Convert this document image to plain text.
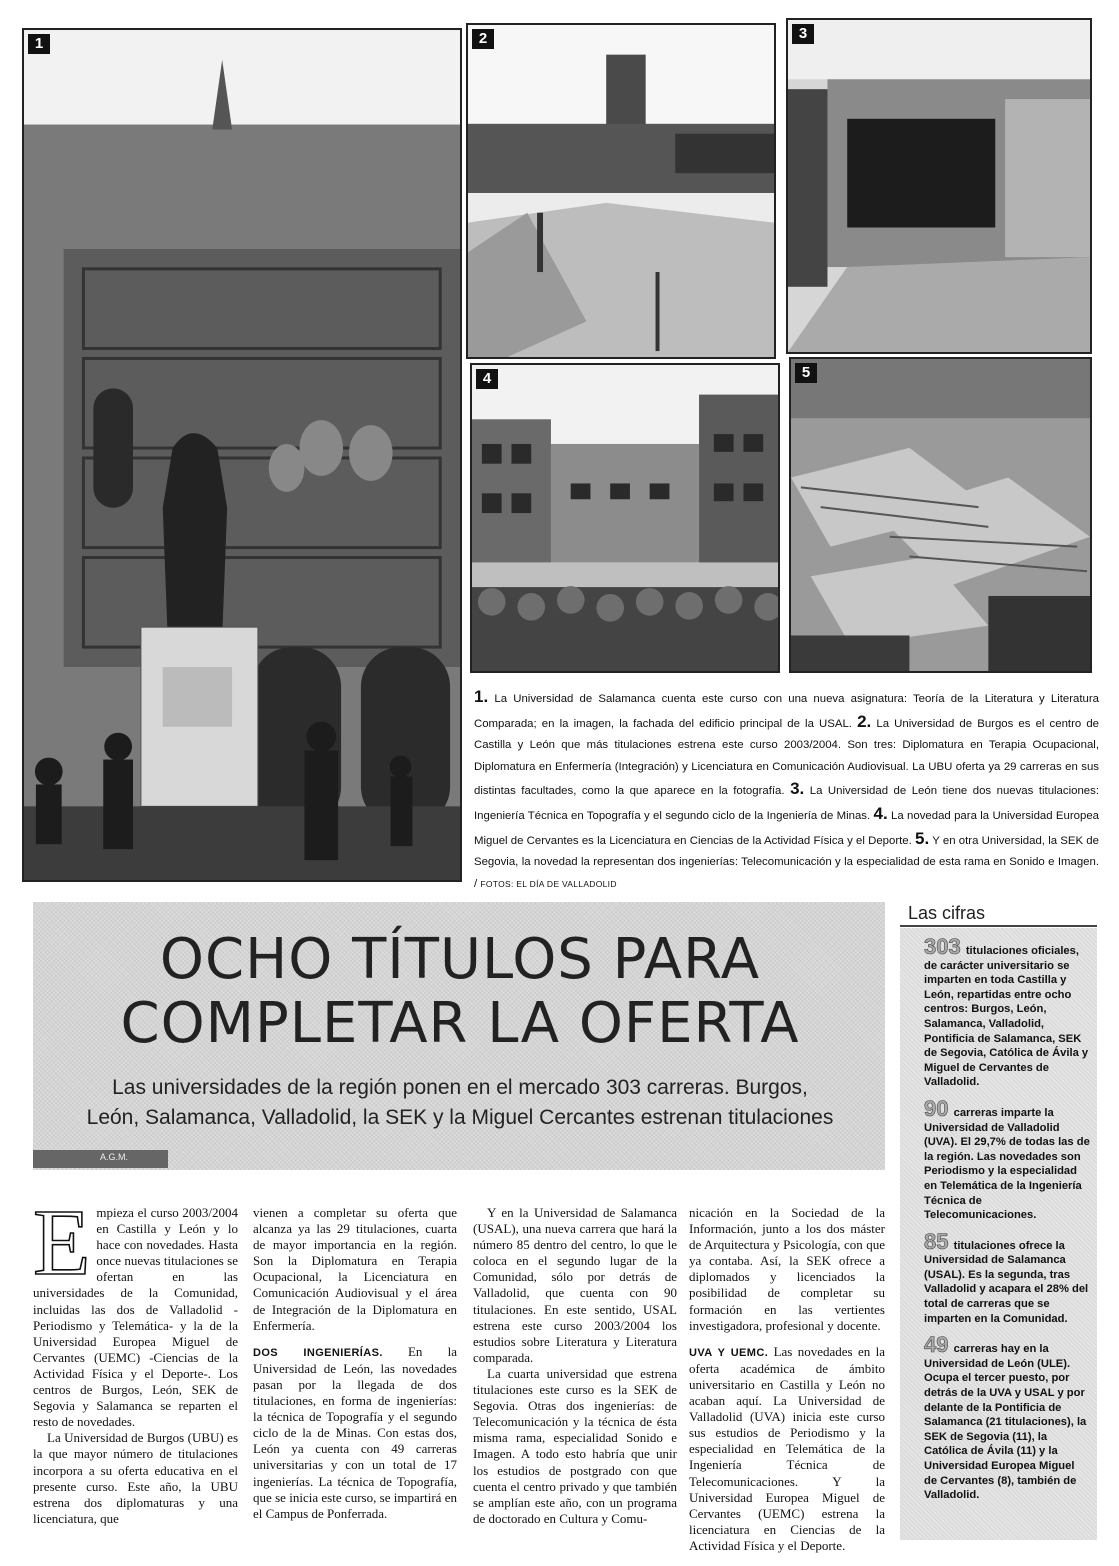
1	2	3
4	5
1. La Universidad de Salamanca cuenta este curso con una nueva asignatura: Teoría de la Literatura y Literatura Comparada; en la imagen, la fachada del edificio principal de la USAL. 2. La Universidad de Burgos es el centro de Castilla y León que más titulaciones estrena este curso 2003/2004. Son tres: Diplomatura en Terapia Ocupacional, Diplomatura en Enfermería (Integración) y Licenciatura en Comunicación Audiovisual. La UBU oferta ya 29 carreras en sus distintas facultades, como la que aparece en la fotografía. 3. La Universidad de León tiene dos nuevas titulaciones: Ingeniería Técnica en Topografía y el segundo ciclo de la Ingeniería de Minas. 4. La novedad para la Universidad Europea Miguel de Cervantes es la Licenciatura en Ciencias de la Actividad Física y el Deporte. 5. Y en otra Universidad, la SEK de Segovia, la novedad la representan dos ingenierías: Telecomunicación y la especialidad de esta rama en Sonido e Imagen. / FOTOS: EL DÍA DE VALLADOLID
OCHO TÍTULOS PARA
COMPLETAR LA OFERTA

Las universidades de la región ponen en el mercado 303 carreras. Burgos,
León, Salamanca, Valladolid, la SEK y la Miguel Cercantes estrenan titulaciones

A.G.M.

Empieza el curso 2003/2004 en Castilla y León y lo hace con novedades. Hasta once nuevas titulaciones se ofertan en las universidades de la Comunidad, incluidas las dos de Valladolid -Periodismo y Telemática- y la de la Universidad Europea Miguel de Cervantes (UEMC) -Ciencias de la Actividad Física y el Deporte-. Los centros de Burgos, León, SEK de Segovia y Salamanca se reparten el resto de novedades.

La Universidad de Burgos (UBU) es la que mayor número de titulaciones incorpora a su oferta educativa en el presente curso. Este año, la UBU estrena dos diplomaturas y una licenciatura, que

vienen a completar su oferta que alcanza ya las 29 titulaciones, cuarta de mayor importancia en la región. Son la Diplomatura en Terapia Ocupacional, la Licenciatura en Comunicación Audiovisual y el área de Integración de la Diplomatura en Enfermería.

DOS INGENIERÍAS. En la Universidad de León, las novedades pasan por la llegada de dos titulaciones, en forma de ingenierías: la técnica de Topografía y el segundo ciclo de la de Minas. Con estas dos, León ya cuenta con 49 carreras universitarias y con un total de 17 ingenierías. La técnica de Topografía, que se inicia este curso, se impartirá en el Campus de Ponferrada.

Y en la Universidad de Salamanca (USAL), una nueva carrera que hará la número 85 dentro del centro, lo que le coloca en el segundo lugar de la Comunidad, sólo por detrás de Valladolid, que cuenta con 90 titulaciones. En este sentido, USAL estrena este curso 2003/2004 los estudios sobre Literatura y Literatura comparada.

La cuarta universidad que estrena titulaciones este curso es la SEK de Segovia. Otras dos ingenierías: de Telecomunicación y la técnica de ésta misma rama, especialidad Sonido e Imagen. A todo esto habría que unir los estudios de postgrado con que cuenta el centro privado y que también se amplían este año, con un programa de doctorado en Cultura y Comu-

nicación en la Sociedad de la Información, junto a los dos máster de Arquitectura y Psicología, con que ya contaba. Así, la SEK ofrece a diplomados y licenciados la posibilidad de completar su formación en las vertientes investigadora, profesional y docente.

UVA Y UEMC. Las novedades en la oferta académica de ámbito universitario en Castilla y León no acaban aquí. La Universidad de Valladolid (UVA) inicia este curso sus estudios de Periodismo y la especialidad en Telemática de la Ingeniería Técnica de Telecomunicaciones. Y la Universidad Europea Miguel de Cervantes (UEMC) estrena la licenciatura en Ciencias de la Actividad Física y el Deporte.

Las cifras
303 titulaciones oficiales, de carácter universitario se imparten en toda Castilla y León, repartidas entre ocho centros: Burgos, León, Salamanca, Valladolid, Pontificia de Salamanca, SEK de Segovia, Católica de Ávila y Miguel de Cervantes de Valladolid.
90 carreras imparte la Universidad de Valladolid (UVA). El 29,7% de todas las de la región. Las novedades son Periodismo y la especialidad en Telemática de la Ingeniería Técnica de Telecomunicaciones.
85 titulaciones ofrece la Universidad de Salamanca (USAL). Es la segunda, tras Valladolid y acapara el 28% del total de carreras que se imparten en la Comunidad.
49 carreras hay en la Universidad de León (ULE). Ocupa el tercer puesto, por detrás de la UVA y USAL y por delante de la Pontificia de Salamanca (21 titulaciones), la SEK de Segovia (11), la Católica de Ávila (11) y la Universidad Europea Miguel de Cervantes (8), también de Valladolid.
